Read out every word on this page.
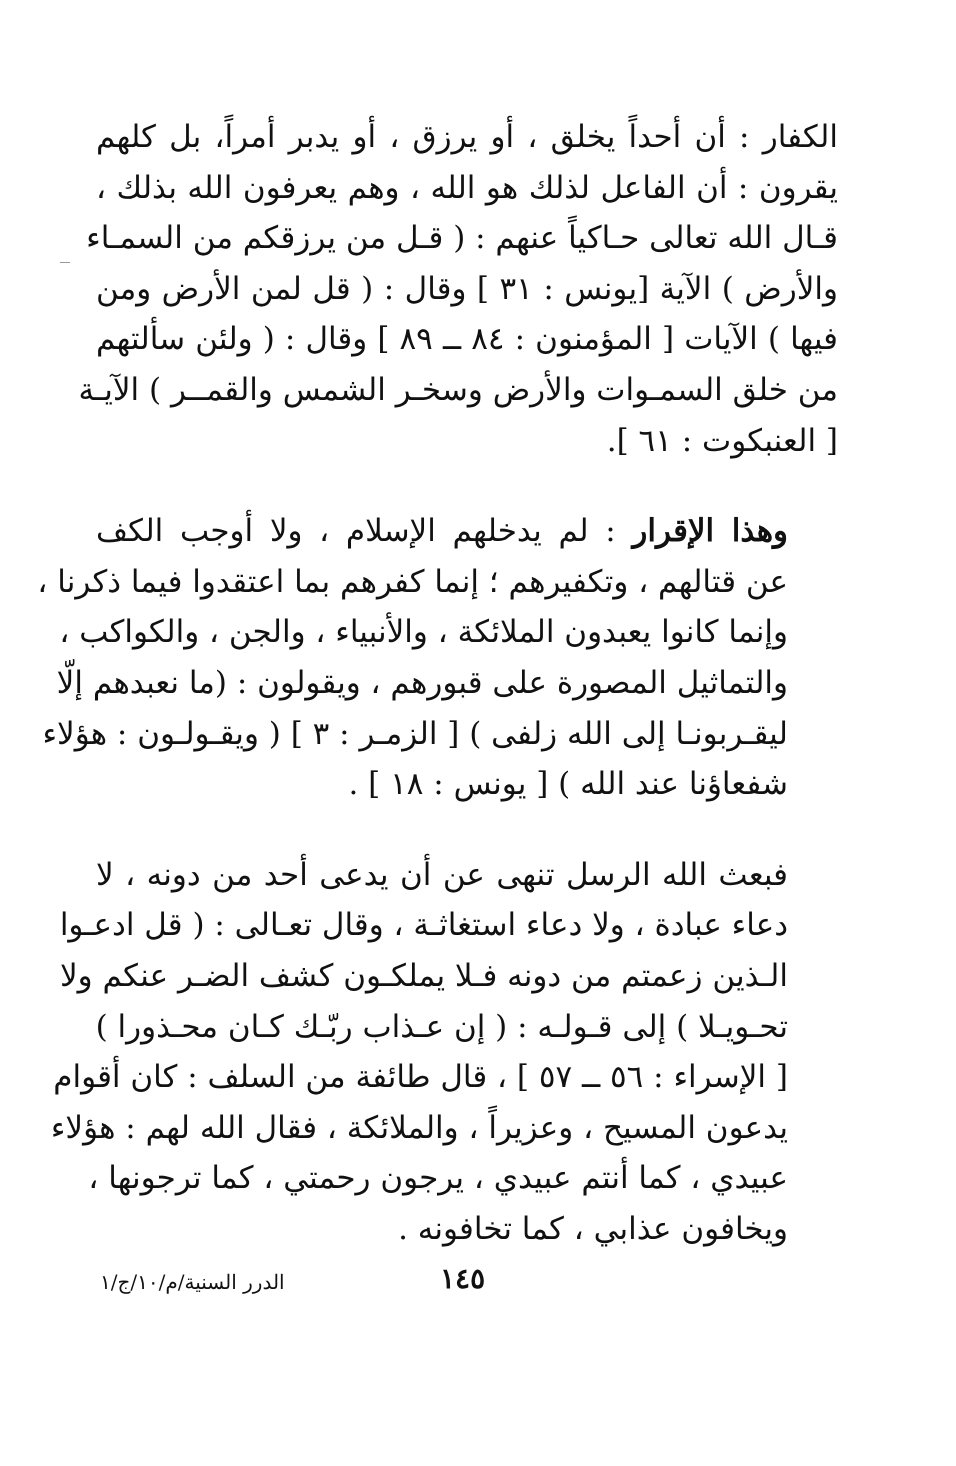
الكفار : أن أحداً يخلق ، أو يرزق ، أو يدبر أمراً، بل كلهم
يقرون : أن الفاعل لذلك هو الله ، وهم يعرفون الله بذلك ،
قـال الله تعالى حـاكياً عنهم : ( قـل من يرزقكم من السمـاء
والأرض ) الآية [يونس : ٣١ ] وقال : ( قل لمن الأرض ومن
فيها ) الآيات [ المؤمنون : ٨٤ ــ ٨٩ ] وقال : ( ولئن سألتهم
من خلق السمـوات والأرض وسخـر الشمس والقمــر ) الآيـة
[ العنبكوت : ٦١ ].

وهذا الإقرار : لم يدخلهم الإسلام ، ولا أوجب الكف
عن قتالهم ، وتكفيرهم ؛ إنما كفرهم بما اعتقدوا فيما ذكرنا ،
وإنما كانوا يعبدون الملائكة ، والأنبياء ، والجن ، والكواكب ،
والتماثيل المصورة على قبورهم ، ويقولون : (ما نعبدهم إلّا
ليقـربونـا إلى الله زلفى ) [ الزمـر : ٣ ] ( ويقـولـون : هؤلاء
شفعاؤنا عند الله ) [ يونس : ١٨ ] .

فبعث الله الرسل تنهى عن أن يدعى أحد من دونه ، لا
دعاء عبادة ، ولا دعاء استغاثـة ، وقال تعـالى : ( قل ادعـوا
الـذين زعمتم من دونه فـلا يملكـون كشف الضـر عنكم ولا
تحـويـلا ) إلى قـولـه : ( إن عـذاب ربّـك كـان محـذورا )
[ الإسراء : ٥٦ ــ ٥٧ ] ، قال طائفة من السلف : كان أقوام
يدعون المسيح ، وعزيراً ، والملائكة ، فقال الله لهم : هؤلاء
عبيدي ، كما أنتم عبيدي ، يرجون رحمتي ، كما ترجونها ،
ويخافون عذابي ، كما تخافونه .

١٤٥
الدرر السنية/م/١٠/ج/١
